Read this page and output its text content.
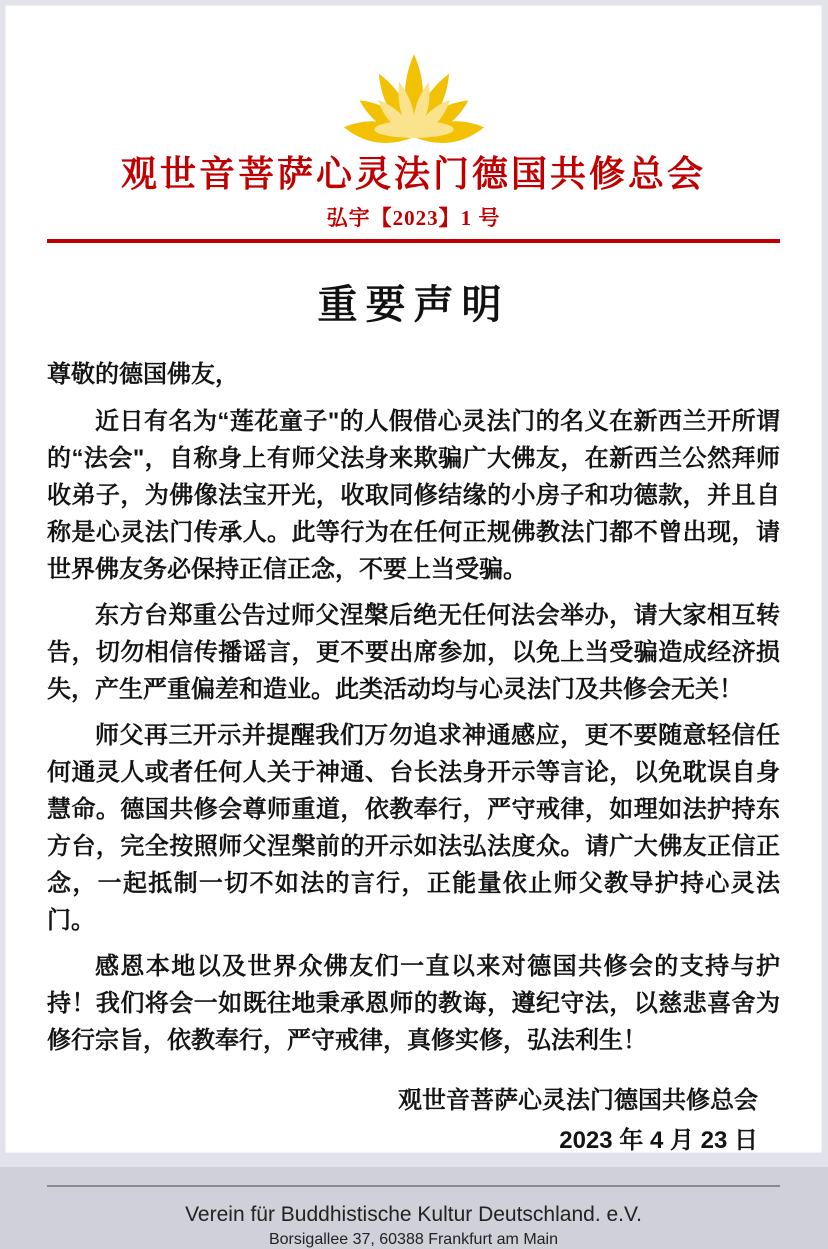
观世音菩萨心灵法门德国共修总会
弘宇【2023】1 号
重要声明
尊敬的德国佛友，

近日有名为“莲花童子"的人假借心灵法门的名义在新西兰开所谓的“法会"，自称身上有师父法身来欺骗广大佛友，在新西兰公然拜师收弟子，为佛像法宝开光，收取同修结缘的小房子和功德款，并且自称是心灵法门传承人。此等行为在任何正规佛教法门都不曾出现，请世界佛友务必保持正信正念，不要上当受骗。

东方台郑重公告过师父涅槃后绝无任何法会举办，请大家相互转告，切勿相信传播谣言，更不要出席参加，以免上当受骗造成经济损失，产生严重偏差和造业。此类活动均与心灵法门及共修会无关！

师父再三开示并提醒我们万勿追求神通感应，更不要随意轻信任何通灵人或者任何人关于神通、台长法身开示等言论，以免耽误自身慧命。德国共修会尊师重道，依教奉行，严守戒律，如理如法护持东方台，完全按照师父涅槃前的开示如法弘法度众。请广大佛友正信正念，一起抵制一切不如法的言行，正能量依止师父教导护持心灵法门。

感恩本地以及世界众佛友们一直以来对德国共修会的支持与护持！我们将会一如既往地秉承恩师的教诲，遵纪守法，以慈悲喜舍为修行宗旨，依教奉行，严守戒律，真修实修，弘法利生！

观世音菩萨心灵法门德国共修总会
2023 年 4 月 23 日
Verein für Buddhistische Kultur Deutschland. e.V.
Borsigallee 37, 60388 Frankfurt am Main
